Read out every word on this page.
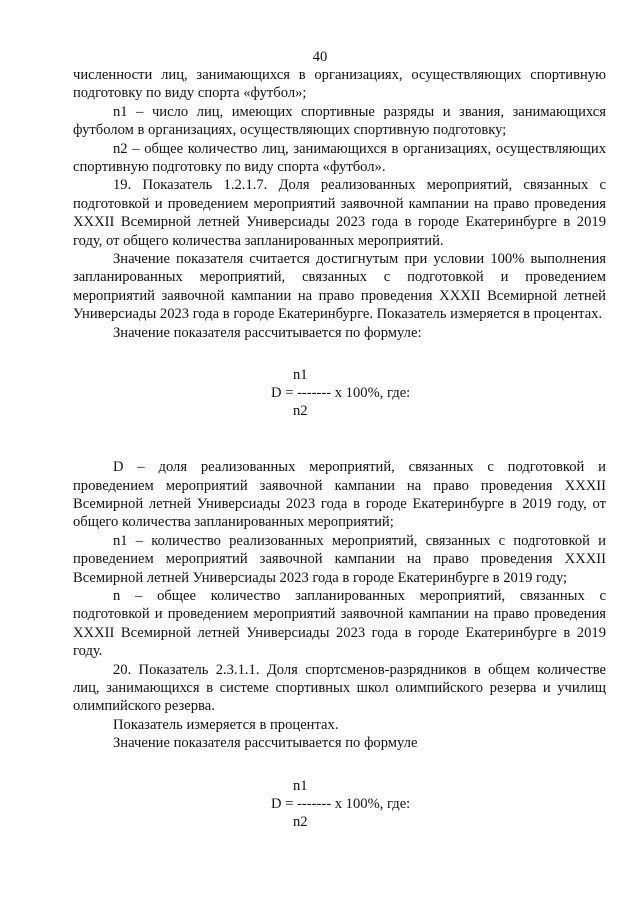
40

численности лиц, занимающихся в организациях, осуществляющих спортивную подготовку по виду спорта «футбол»;

n1 – число лиц, имеющих спортивные разряды и звания, занимающихся футболом в организациях, осуществляющих спортивную подготовку;

n2 – общее количество лиц, занимающихся в организациях, осуществляющих спортивную подготовку по виду спорта «футбол».

19. Показатель 1.2.1.7. Доля реализованных мероприятий, связанных с подготовкой и проведением мероприятий заявочной кампании на право проведения XXXII Всемирной летней Универсиады 2023 года в городе Екатеринбурге в 2019 году, от общего количества запланированных мероприятий.

Значение показателя считается достигнутым при условии 100% выполнения запланированных мероприятий, связанных с подготовкой и проведением мероприятий заявочной кампании на право проведения XXXII Всемирной летней Универсиады 2023 года в городе Екатеринбурге. Показатель измеряется в процентах.

Значение показателя рассчитывается по формуле:

n1
D = ------- x 100%, где:
n2

D – доля реализованных мероприятий, связанных с подготовкой и проведением мероприятий заявочной кампании на право проведения XXXII Всемирной летней Универсиады 2023 года в городе Екатеринбурге в 2019 году, от общего количества запланированных мероприятий;

n1 – количество реализованных мероприятий, связанных с подготовкой и проведением мероприятий заявочной кампании на право проведения XXXII Всемирной летней Универсиады 2023 года в городе Екатеринбурге в 2019 году;

n – общее количество запланированных мероприятий, связанных с подготовкой и проведением мероприятий заявочной кампании на право проведения XXXII Всемирной летней Универсиады 2023 года в городе Екатеринбурге в 2019 году.

20. Показатель 2.3.1.1. Доля спортсменов-разрядников в общем количестве лиц, занимающихся в системе спортивных школ олимпийского резерва и училищ олимпийского резерва.

Показатель измеряется в процентах.

Значение показателя рассчитывается по формуле

n1
D = ------- x 100%, где:
n2
